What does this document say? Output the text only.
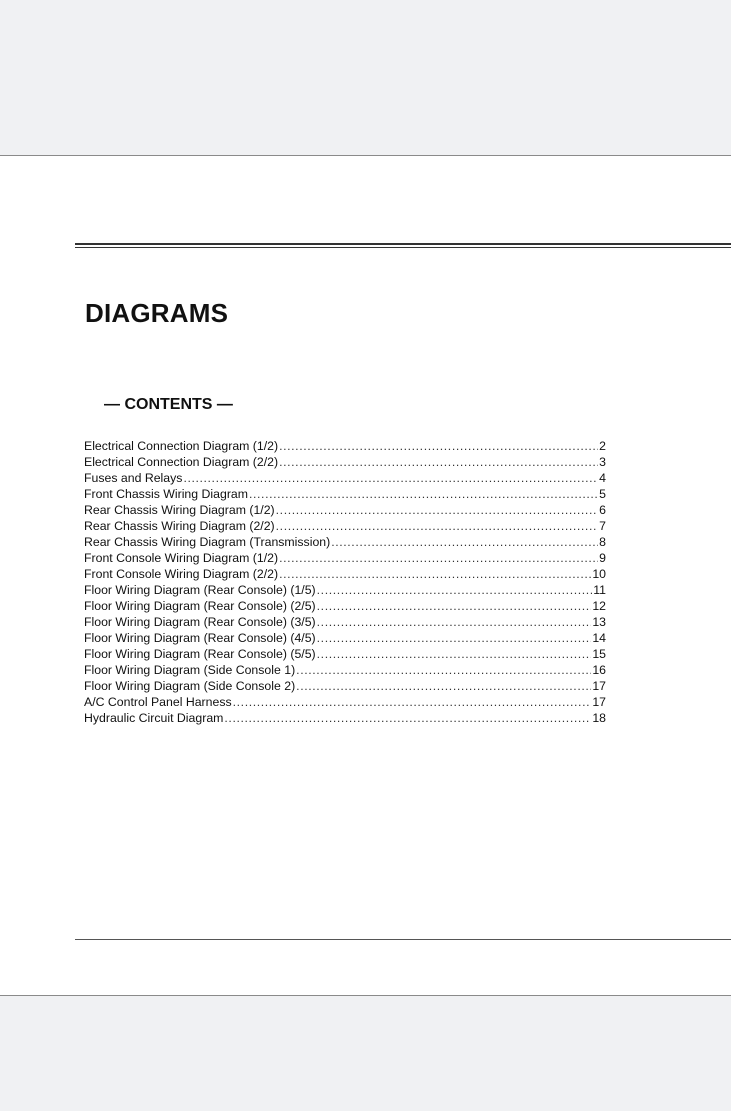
DIAGRAMS
— CONTENTS —
Electrical Connection Diagram (1/2) .....	2
Electrical Connection Diagram (2/2) .....	3
Fuses and Relays .....	4
Front Chassis Wiring Diagram .....	5
Rear Chassis Wiring Diagram (1/2) .....	6
Rear Chassis Wiring Diagram (2/2) .....	7
Rear Chassis Wiring Diagram (Transmission) .....	8
Front Console Wiring Diagram (1/2) .....	9
Front Console Wiring Diagram (2/2) .....	10
Floor Wiring Diagram (Rear Console) (1/5) .....	11
Floor Wiring Diagram (Rear Console) (2/5) .....	12
Floor Wiring Diagram (Rear Console) (3/5) .....	13
Floor Wiring Diagram (Rear Console) (4/5) .....	14
Floor Wiring Diagram (Rear Console) (5/5) .....	15
Floor Wiring Diagram (Side Console 1) .....	16
Floor Wiring Diagram (Side Console 2) .....	17
A/C Control Panel Harness .....	17
Hydraulic Circuit Diagram .....	18
